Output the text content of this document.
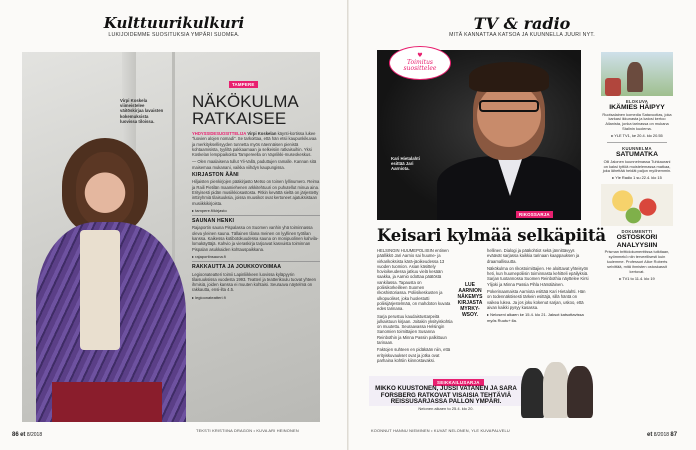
Kulttuurikulkuri
LUKIJOIDEMME SUOSITUKSIA YMPÄRI SUOMEA.
Virpi Koskela viimeistelee väitöskirjaa lavaisten kokemuksista luovissa tiloissa.
TAMPERE
NÄKÖKULMA
RATKAISEE

YHDYSSIDESUOSITTELIJA Virpi Koskelan käynti-kortissa lukee "luovien alojen nomadi". Se tarkoittaa, että hän etsii kaupunkikuvaa ja merkityksellisyyden tunnetta myös näennäisen pienistä kohtaamisista, tyyliltä pakkaamaan ja selkeisiin ratkaisuihin. Yksi Koskelan lempipaikoista Tampereella on Vapriikki-museokeskus.

— Olen maalaisena tullut Yli-Vallä, paduttujen ramalle. Kannan sitä maisemaa mukanani, vaikka viihdyn kaupungissa.

KIRJASTON ÄÄNI

Hiljaisten pienkirjojen pääkirjasto Metso on toinen lyllinumero. Reima ja Raili Pietilän maamiehenen arkkitehtuuri on puhutellut minua aina. Erityisesti pidän musiikkiosastosta. Pitkin kevättä sieltä on järjestetty inttiryhmiä tilaisuuksia, joissa muusikot ovat kertoneet ajatuksistaan musiikkikirjoista.

▸ tampere.fi/kirjasto
SAUNAN HENKI

Rajaportin sauna Pispalassa on Suomen vanhin yhä toiminnassa oleva yleinen sauna. Tällainen tilana meinen on lyyllinen työtilan kanssa. Kaikessa kotibotokuudessa sauna on monipuolinen kahvila-lomakäyttäjä. Kahvio ja vieraskirja tarjoavat kasvuista toiminnan Pispalan asukkaiden kohtauspaikkana.

▸ rajaportinsauna.fi
RAKKAUTTA JA JOUKKOVOIMAA

Legioonateatteri toimii Lapinliikkeen luovissa kyläpyyrin tilaisuuksissa vuodesta 1993. Teatteri ja teatterikoulu tuovat yhteen ihmisiä, joiden kanssa ei muuten kohtaisi. Seuraava näytelmä on rakkautta, ensi-ilta 4.5.

▸ legioonateatteri.fi
86 et 8/2018
TEKSTI KRISTIINA DRAGON • KUVA ARI HEINONEN
TV & radio
MITÄ KANNATTAA KATSOA JA KUUNNELLA JUURI NYT.
♥
Toimitus
suosittelee
Kari Hietalahti esittää Jari Aarniota.
RIKOSSARJA
Keisari kylmää selkäpiitä

HELSINGIN HUUMEPOLIISIN entinen päällikkö Jari Aarnio sai huume- ja virkarikoksista kärä-jäoikeudessa 13 vuoden tuomion. Asian käsittely hovioikeudessa jatkuu vielä kesään saakka, ja Aarnio odottaa päätöstä vankilassa. Tapausta on poliisikorkeilleen Suomen rikoshistoriassa. Poliisikeskusten ja ulkopuoliset, joka huolestutti poliisijärjestelmää, on mahdoton kuvata edes tarinana.

Sarja perustuu kaudaistustarpeitä julkaistuun kirjaan. Joitakin yksityiskohtia on muutettu. Seuraavassa Helsingin Sanomien toimittajien Susanna Reinbothin ja Minna Passin palkittuun tarinaan.

Faktojen suhteen en pidäkään niin, että erityiskuvaukset ovat ja jotka ovat parhaina kohtiin kiinnostavaksi.

LUE AARNION NÄKEMYS KIRJASTA MYRKY-WSOY.

hellinen. Dialogi ja pääkohtiot sekä jännittävyys eväävät sarjassa kaikkia tarinaan kaappauksen ja draamallisuutta.

Näkökulma on rikostoimittajien. He aloittavat yhteisyön heti, kun huumepoliisin toiminnasta kehitteli epäilyksiä. Sarjan tuotannossa Suomen Reinbothia näyttelee Kirsi Ylijoki ja Minna Passia Pihla Hämäläinen.

Pokerinaamaista Aarniota esittää Kari Hietalahti. Hän on todennäköisesti tärkein esittäjä, sillä häntä on vaikea lukea. Ja jos joku kokenut sarjan, uskoo, että aivan kaikki pysyy kasassa.

▸ Neloseni alkaen ke 15.4. klo 21. Jaksot katsottavissa myös Ruutu+:lla.

SEIKKAILUSARJA
MIKKO KUUSTONEN, JUSSI VATANEN JA SARA FORSBERG RATKOVAT VISAISIA TEHTÄVIÄ REISSUSARJASSA PALLON YMPÄRI.
Nelonen alkaen to 25.4. klo 20.
ELOKUVA
IKÄMIES HÄIPYY
Ruotsalainen komedia Satavuotias, joka karkasi ikkunasta ja katosi kertoo Allanista, jonka tarinassa on mukana Stalinin kuolema.
▸ YLE TV1, ke 20.4. klo 20.55
KUUNNELMA
SATUMATKA
Olli Jalonen kuunnelmassa Tuhkaurani on kaksi tyttöä muistelemassa matkaa, joka lähettää heidät paljon myöhemmin.
▸ Yle Radio 1 su 22.4. klo 15
DOKUMENTTI
OSTOSKORI ANALYYSIIN
Prisman brittidokumenttissa tutkitaan, syömmekö niin terveellisesti kuin luulemme. Professori Alice Roberts selvittää, mitä ihmisten ostoskassit kertovat.
▸ TV1 to 11.4. klo 19
KOONNUT HANNU NIEMINEN • KUVAT NELONEN, YLE KUVAPALVELU
et 8/2018 87
